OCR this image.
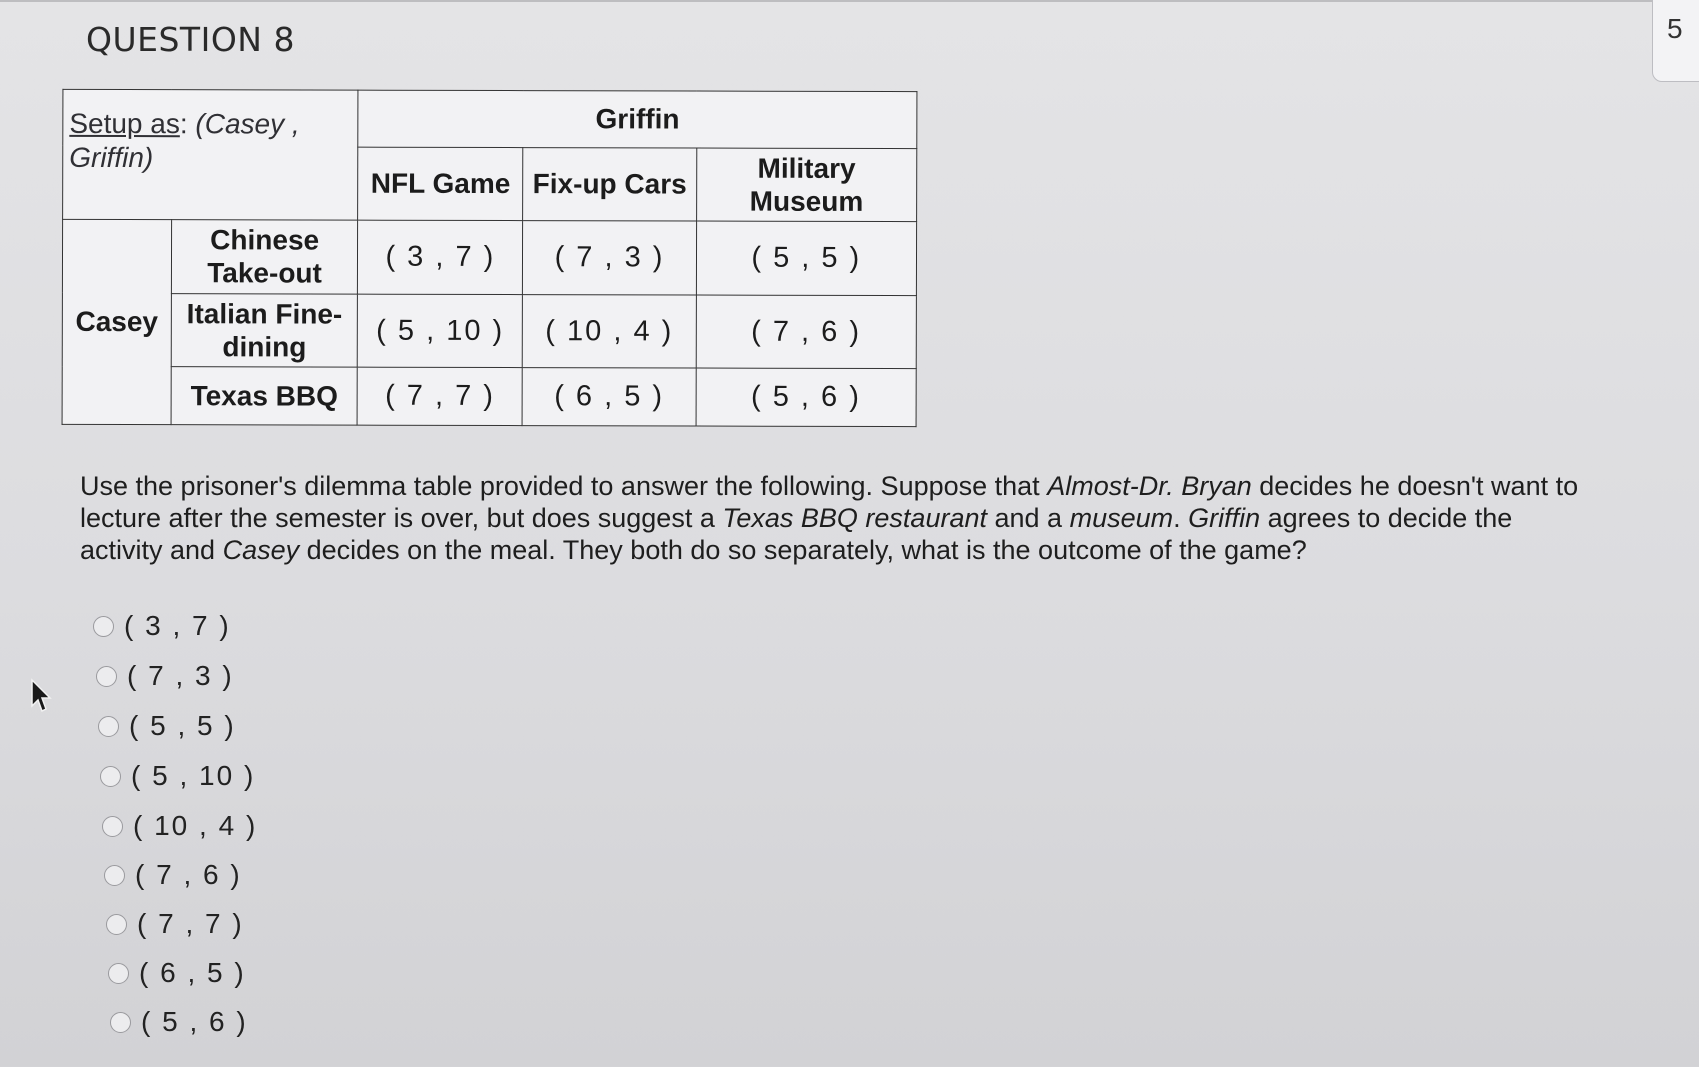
QUESTION 8	5
Setup as: (Casey , Griffin)		Griffin		
		NFL Game	Fix-up Cars	Military Museum
Casey	Chinese Take-out	( 3 , 7 )	( 7 , 3 )	( 5 , 5 )
	Italian Fine-dining	( 5 , 10 )	( 10 , 4 )	( 7 , 6 )
	Texas BBQ	( 7 , 7 )	( 6 , 5 )	( 5 , 6 )
Use the prisoner's dilemma table provided to answer the following. Suppose that Almost-Dr. Bryan decides he doesn't want to lecture after the semester is over, but does suggest a Texas BBQ restaurant and a museum. Griffin agrees to decide the activity and Casey decides on the meal. They both do so separately, what is the outcome of the game?
( 3 , 7 )
( 7 , 3 )
( 5 , 5 )
( 5 , 10 )
( 10 , 4 )
( 7 , 6 )
( 7 , 7 )
( 6 , 5 )
( 5 , 6 )
